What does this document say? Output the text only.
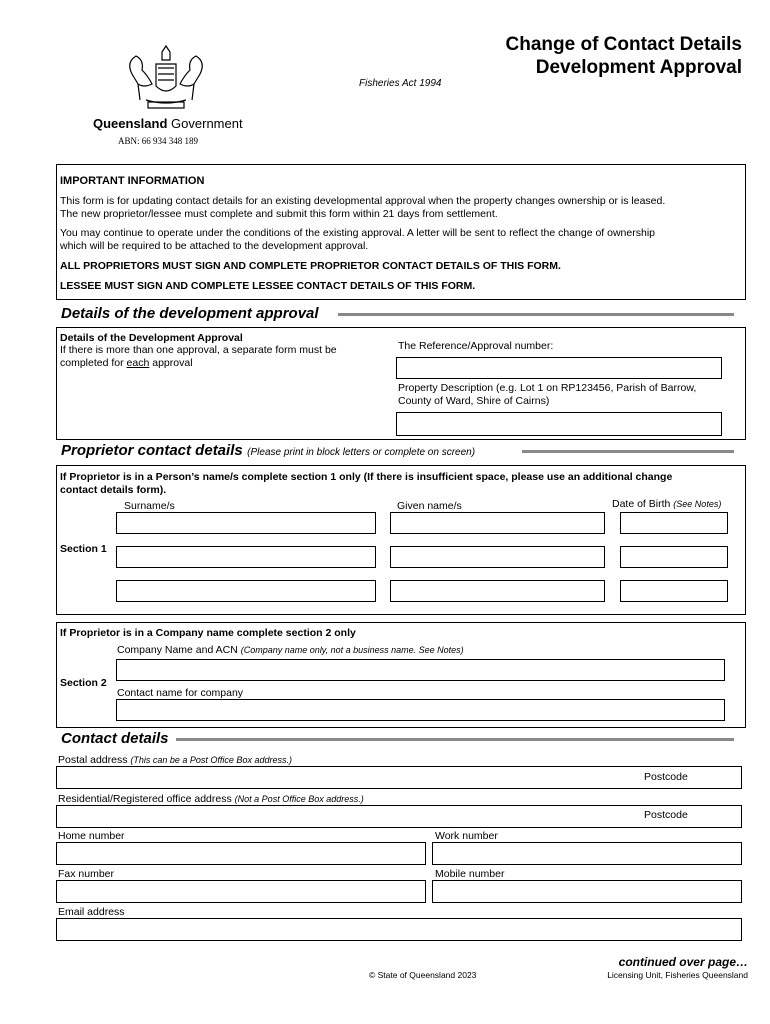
Queensland Government
ABN: 66 934 348 189
Fisheries Act 1994
Change of Contact Details
Development Approval
IMPORTANT INFORMATION
This form is for updating contact details for an existing developmental approval when the property changes ownership or is leased.
The new proprietor/lessee must complete and submit this form within 21 days from settlement.
You may continue to operate under the conditions of the existing approval. A letter will be sent to reflect the change of ownership
which will be required to be attached to the development approval.
ALL PROPRIETORS MUST SIGN AND COMPLETE PROPRIETOR CONTACT DETAILS OF THIS FORM.
LESSEE MUST SIGN AND COMPLETE LESSEE CONTACT DETAILS OF THIS FORM.
Details of the development approval
Details of the Development Approval
If there is more than one approval, a separate form must be
completed for each approval
The Reference/Approval number:
Property Description (e.g. Lot 1 on RP123456, Parish of Barrow,
County of Ward, Shire of Cairns)
Proprietor contact details (Please print in block letters or complete on screen)
If Proprietor is in a Person’s name/s complete section 1 only (If there is insufficient space, please use an additional change
contact details form).
Surname/s	Given name/s	Date of Birth (See Notes)
Section 1
If Proprietor is in a Company name complete section 2 only
Company Name and ACN (Company name only, not a business name. See Notes)
Section 2
Contact name for company
Contact details
Postal address (This can be a Post Office Box address.)
Postcode
Residential/Registered office address (Not a Post Office Box address.)
Postcode
Home number	Work number
Fax number	Mobile number
Email address
continued over page…
© State of Queensland 2023	Licensing Unit, Fisheries Queensland
